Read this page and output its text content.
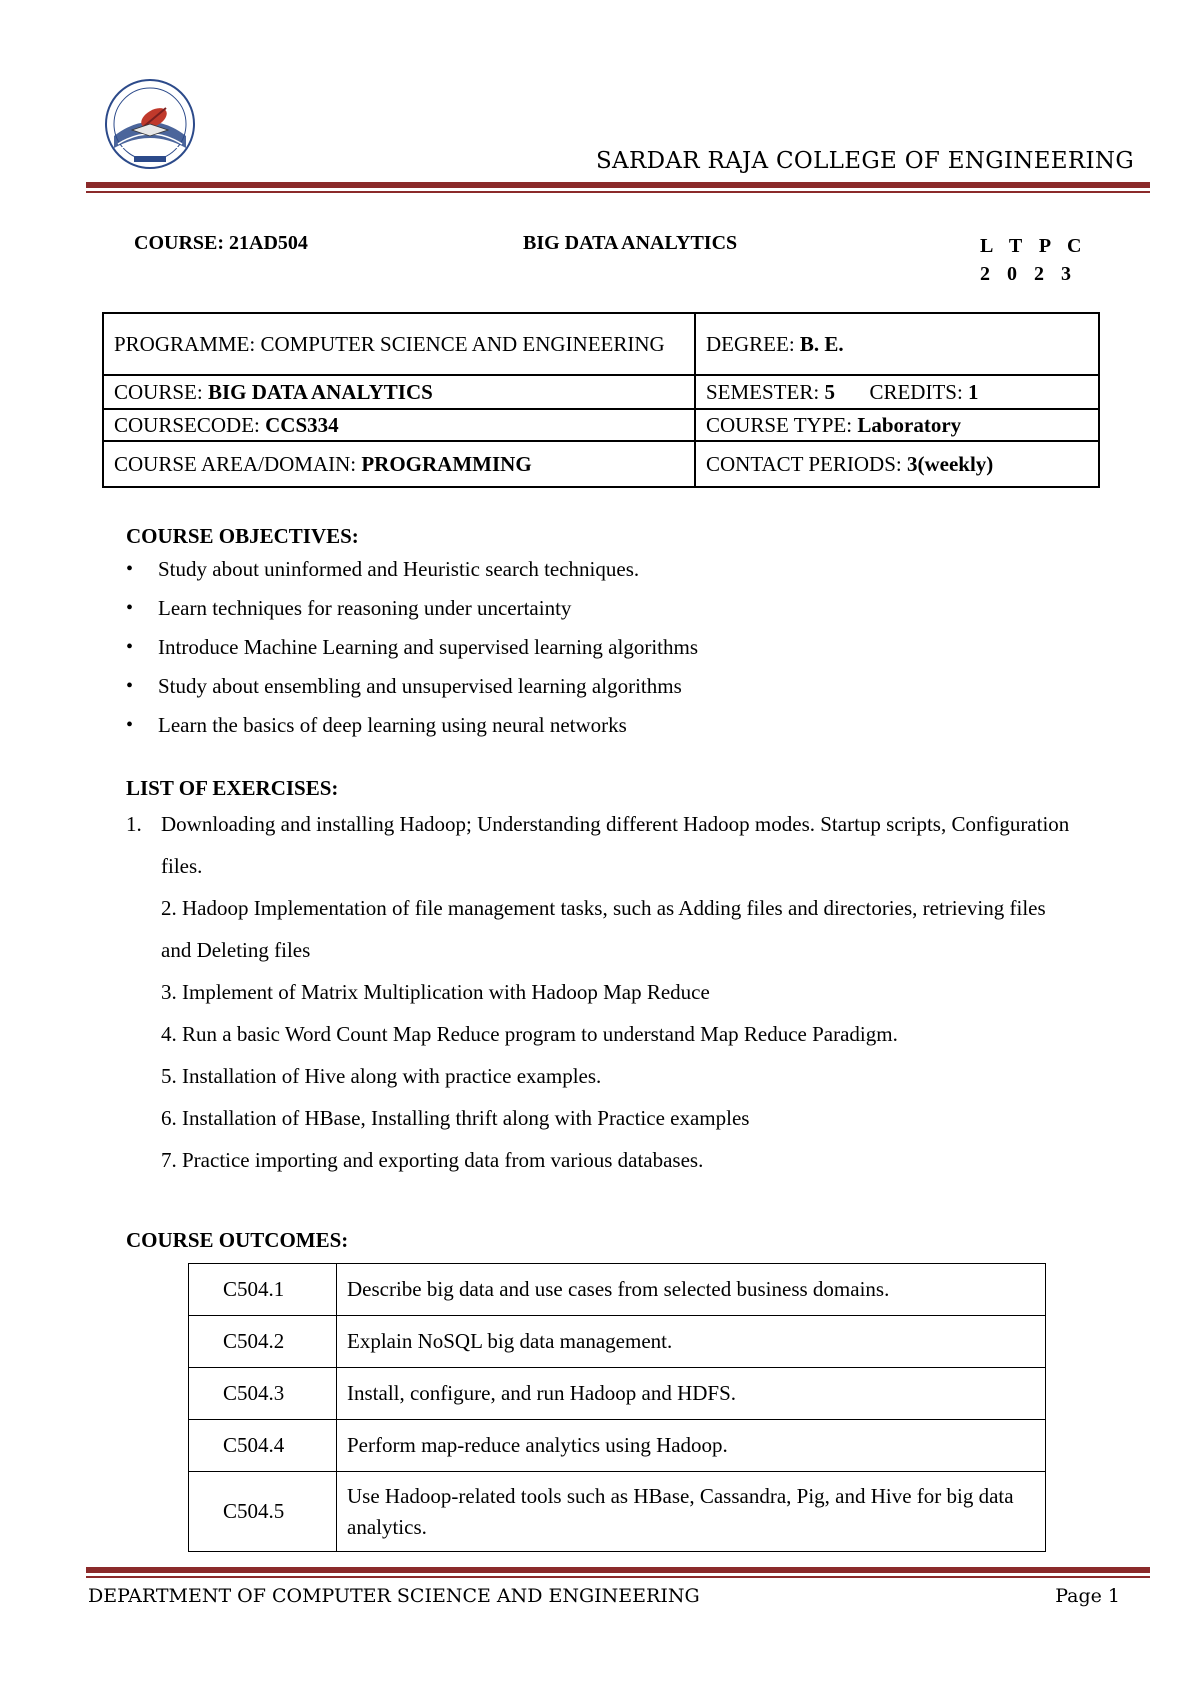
SARDAR RAJA COLLEGE OF ENGINEERING
COURSE: 21AD504	BIG DATA ANALYTICS	L T P C
2 0 2 3
PROGRAMME: COMPUTER SCIENCE AND ENGINEERING	DEGREE: B. E.
COURSE: BIG DATA ANALYTICS	SEMESTER: 5 CREDITS: 1
COURSECODE: CCS334	COURSE TYPE: Laboratory
COURSE AREA/DOMAIN: PROGRAMMING	CONTACT PERIODS: 3(weekly)
COURSE OBJECTIVES:
• Study about uninformed and Heuristic search techniques.
• Learn techniques for reasoning under uncertainty
• Introduce Machine Learning and supervised learning algorithms
• Study about ensembling and unsupervised learning algorithms
• Learn the basics of deep learning using neural networks
LIST OF EXERCISES:
1. Downloading and installing Hadoop; Understanding different Hadoop modes. Startup scripts, Configuration files.
2. Hadoop Implementation of file management tasks, such as Adding files and directories, retrieving files and Deleting files
3. Implement of Matrix Multiplication with Hadoop Map Reduce
4. Run a basic Word Count Map Reduce program to understand Map Reduce Paradigm.
5. Installation of Hive along with practice examples.
6. Installation of HBase, Installing thrift along with Practice examples
7. Practice importing and exporting data from various databases.
COURSE OUTCOMES:
C504.1	Describe big data and use cases from selected business domains.
C504.2	Explain NoSQL big data management.
C504.3	Install, configure, and run Hadoop and HDFS.
C504.4	Perform map-reduce analytics using Hadoop.
C504.5	Use Hadoop-related tools such as HBase, Cassandra, Pig, and Hive for big data analytics.
DEPARTMENT OF COMPUTER SCIENCE AND ENGINEERING	Page 1
